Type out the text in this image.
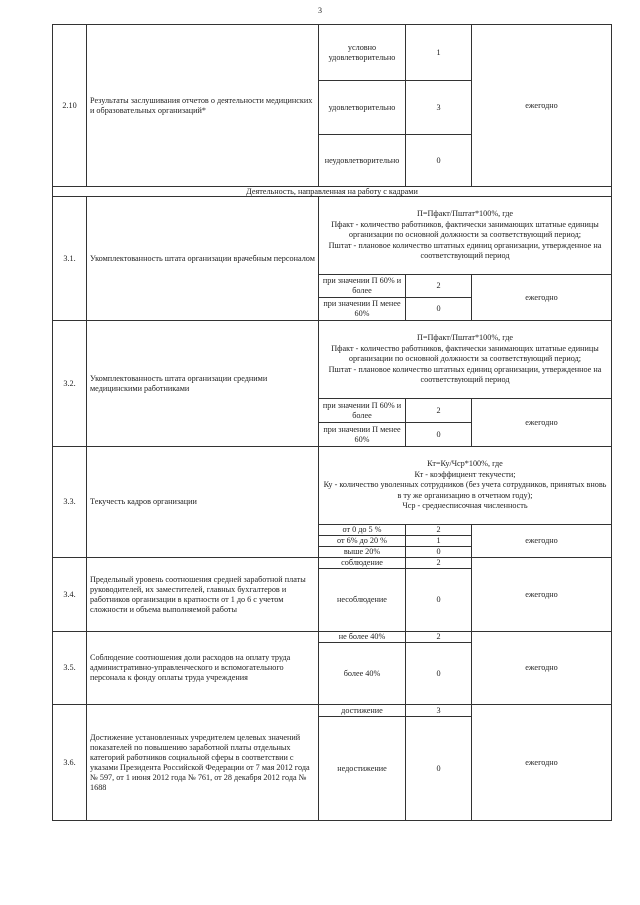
3
2.10	Результаты заслушивания отчетов о деятельности медицинских и образовательных организаций*	условно удовлетворительно	1	ежегодно
		удовлетворительно	3	
		неудовлетворительно	0	
Деятельность, направленная на работу с кадрами				
3.1.	Укомплектованность штата организации врачебным персоналом	П=Пфакт/Пштат*100%, где
Пфакт - количество работников, фактически занимающих штатные единицы организации по основной должности за соответствующий период;
Пштат - плановое количество штатных единиц организации, утвержденное на соответствующий период		

		при значении П 60% и более	2	ежегодно
		при значении П менее 60%	0	
3.2.	Укомплектованность штата организации средними медицинскими работниками	П=Пфакт/Пштат*100%, где
Пфакт - количество работников, фактически занимающих штатные единицы организации по основной должности за соответствующий период;
Пштат - плановое количество штатных единиц организации, утвержденное на соответствующий период		

		при значении П 60% и более	2	ежегодно
		при значении П менее 60%	0	
3.3.	Текучесть кадров организации	Кт=Ку/Чср*100%, где
Кт - коэффициент текучести;
Ку - количество уволенных сотрудников (без учета сотрудников, принятых вновь в ту же организацию в отчетном году);
Чср - среднесписочная численность		

		от 0 до 5 %	2	ежегодно
		от 6% до 20 %	1	
		выше 20%	0	
3.4.	Предельный уровень соотношения средней заработной платы руководителей, их заместителей, главных бухгалтеров и работников организации в кратности от 1 до 6 с учетом сложности и объема выполняемой работы	соблюдение	2	ежегодно
		несоблюдение	0	
3.5.	Соблюдение соотношения доли расходов на оплату труда административно-управленческого и вспомогательного персонала к фонду оплаты труда учреждения	не более 40%	2	ежегодно
		более 40%	0	
3.6.	Достижение установленных учредителем целевых значений показателей по повышению заработной платы отдельных категорий работников социальной сферы в соответствии с указами Президента Российской Федерации от 7 мая 2012 года № 597, от 1 июня 2012 года № 761, от 28 декабря 2012 года № 1688	достижение	3	ежегодно
		недостижение	0	
